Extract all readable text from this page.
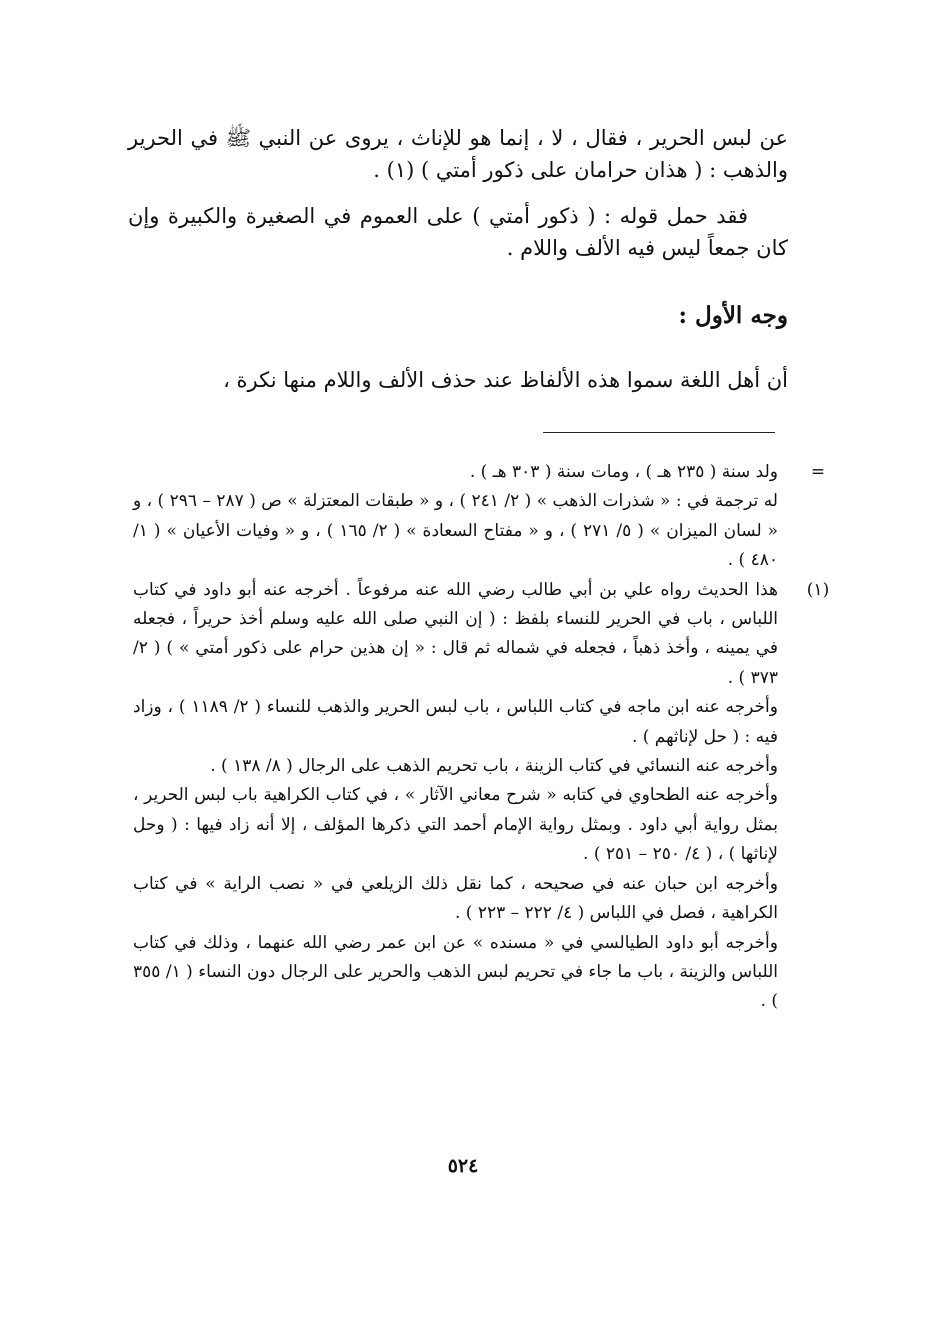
عن لبس الحرير ، فقال ، لا ، إنما هو للإناث ، يروى عن النبي ﷺ في الحرير والذهب : ( هذان حرامان على ذكور أمتي ) (١) .

فقد حمل قوله : ( ذكور أمتي ) على العموم في الصغيرة والكبيرة وإن كان جمعاً ليس فيه الألف واللام .

وجه الأول :

أن أهل اللغة سموا هذه الألفاظ عند حذف الألف واللام منها نكرة ،

=

ولد سنة ( ٢٣٥ هـ ) ، ومات سنة ( ٣٠٣ هـ ) .

له ترجمة في : « شذرات الذهب » ( ٢/ ٢٤١ ) ، و « طبقات المعتزلة » ص ( ٢٨٧ – ٢٩٦ ) ، و « لسان الميزان » ( ٥/ ٢٧١ ) ، و « مفتاح السعادة » ( ٢/ ١٦٥ ) ، و « وفيات الأعيان » ( ١/ ٤٨٠ ) .

(١)

هذا الحديث رواه علي بن أبي طالب رضي الله عنه مرفوعاً . أخرجه عنه أبو داود في كتاب اللباس ، باب في الحرير للنساء بلفظ : ( إن النبي صلى الله عليه وسلم أخذ حريراً ، فجعله في يمينه ، وأخذ ذهباً ، فجعله في شماله ثم قال : « إن هذين حرام على ذكور أمتي » ) ( ٢/ ٣٧٣ ) .

وأخرجه عنه ابن ماجه في كتاب اللباس ، باب لبس الحرير والذهب للنساء ( ٢/ ١١٨٩ ) ، وزاد فيه : ( حل لإناثهم ) .

وأخرجه عنه النسائي في كتاب الزينة ، باب تحريم الذهب على الرجال ( ٨/ ١٣٨ ) .

وأخرجه عنه الطحاوي في كتابه « شرح معاني الآثار » ، في كتاب الكراهية باب لبس الحرير ، بمثل رواية أبي داود . وبمثل رواية الإمام أحمد التي ذكرها المؤلف ، إلا أنه زاد فيها : ( وحل لإناثها ) ، ( ٤/ ٢٥٠ – ٢٥١ ) .

وأخرجه ابن حبان عنه في صحيحه ، كما نقل ذلك الزيلعي في « نصب الراية » في كتاب الكراهية ، فصل في اللباس ( ٤/ ٢٢٢ – ٢٢٣ ) .

وأخرجه أبو داود الطيالسي في « مسنده » عن ابن عمر رضي الله عنهما ، وذلك في كتاب اللباس والزينة ، باب ما جاء في تحريم لبس الذهب والحرير على الرجال دون النساء ( ١/ ٣٥٥ ) .

٥٢٤
